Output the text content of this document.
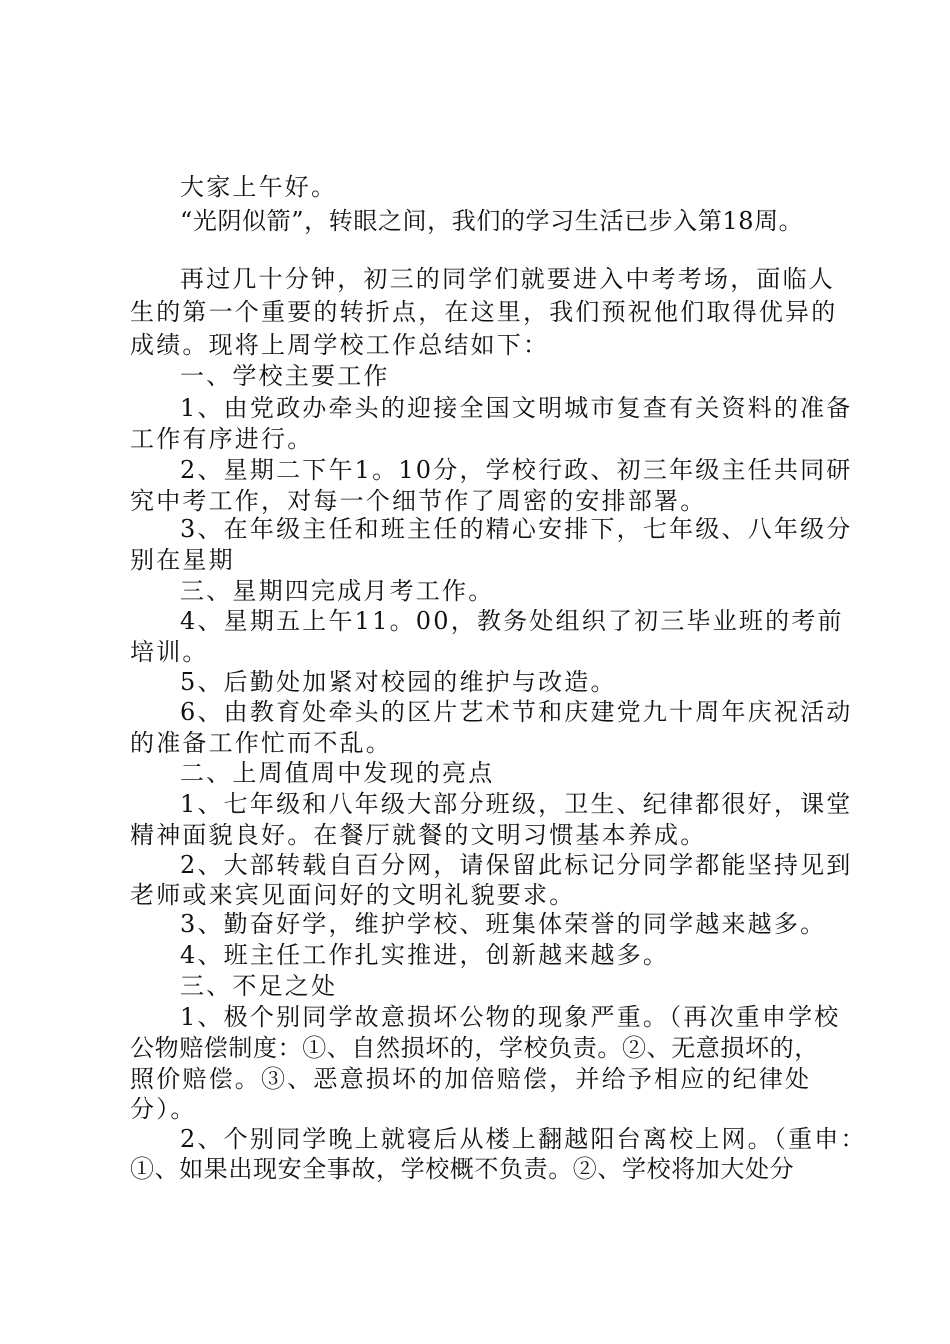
大家上午好。

“光阴似箭”，转眼之间，我们的学习生活已步入第18周。

再过几十分钟，初三的同学们就要进入中考考场，面临人

生的第一个重要的转折点，在这里，我们预祝他们取得优异的

成绩。现将上周学校工作总结如下：

一、学校主要工作

1、由党政办牵头的迎接全国文明城市复查有关资料的准备

工作有序进行。

2、星期二下午1。10分，学校行政、初三年级主任共同研

究中考工作，对每一个细节作了周密的安排部署。

3、在年级主任和班主任的精心安排下，七年级、八年级分

别在星期

三、星期四完成月考工作。

4、星期五上午11。00，教务处组织了初三毕业班的考前

培训。

5、后勤处加紧对校园的维护与改造。

6、由教育处牵头的区片艺术节和庆建党九十周年庆祝活动

的准备工作忙而不乱。

二、上周值周中发现的亮点

1、七年级和八年级大部分班级，卫生、纪律都很好，课堂

精神面貌良好。在餐厅就餐的文明习惯基本养成。

2、大部转载自百分网，请保留此标记分同学都能坚持见到

老师或来宾见面问好的文明礼貌要求。

3、勤奋好学，维护学校、班集体荣誉的同学越来越多。

4、班主任工作扎实推进，创新越来越多。

三、不足之处

1、极个别同学故意损坏公物的现象严重。（再次重申学校

公物赔偿制度：①、自然损坏的，学校负责。②、无意损坏的，

照价赔偿。③、恶意损坏的加倍赔偿，并给予相应的纪律处

分）。

2、个别同学晚上就寝后从楼上翻越阳台离校上网。（重申：

①、如果出现安全事故，学校概不负责。②、学校将加大处分
